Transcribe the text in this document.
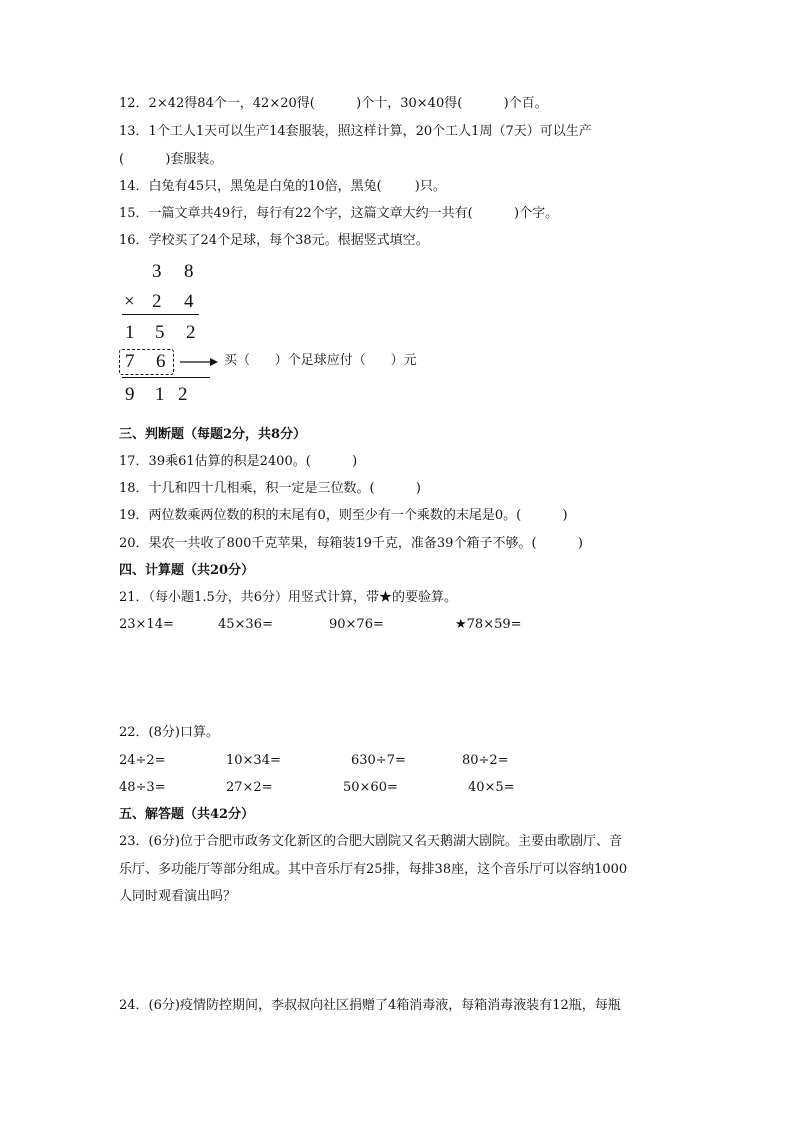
12．2×42得84个一，42×20得(          )个十，30×40得(          )个百。
13．1个工人1天可以生产14套服装，照这样计算，20个工人1周（7天）可以生产
(          )套服装。
14．白兔有45只，黑兔是白兔的10倍，黑兔(        )只。
15．一篇文章共49行，每行有22个字，这篇文章大约一共有(          )个字。
16．学校买了24个足球，每个38元。根据竖式填空。
3 8
× 2 4
1 5 2
7 6	买（      ）个足球应付（      ）元
9 1 2
三、判断题（每题2分，共8分）
17．39乘61估算的积是2400。(          )
18．十几和四十几相乘，积一定是三位数。(          )
19．两位数乘两位数的积的末尾有0，则至少有一个乘数的末尾是0。(          )
20．果农一共收了800千克苹果，每箱装19千克，准备39个箱子不够。(          )
四、计算题（共20分）
21．（每小题1.5分，共6分）用竖式计算，带★的要验算。
23×14=	45×36=	90×76=	★78×59=
22．(8分)口算。
24÷2=	10×34=	630÷7=	80÷2=
48÷3=	27×2=	50×60=	40×5=
五、解答题（共42分）
23．(6分)位于合肥市政务文化新区的合肥大剧院又名天鹅湖大剧院。主要由歌剧厅、音
乐厅、多功能厅等部分组成。其中音乐厅有25排，每排38座，这个音乐厅可以容纳1000
人同时观看演出吗？
24．(6分)疫情防控期间，李叔叔向社区捐赠了4箱消毒液，每箱消毒液装有12瓶，每瓶
